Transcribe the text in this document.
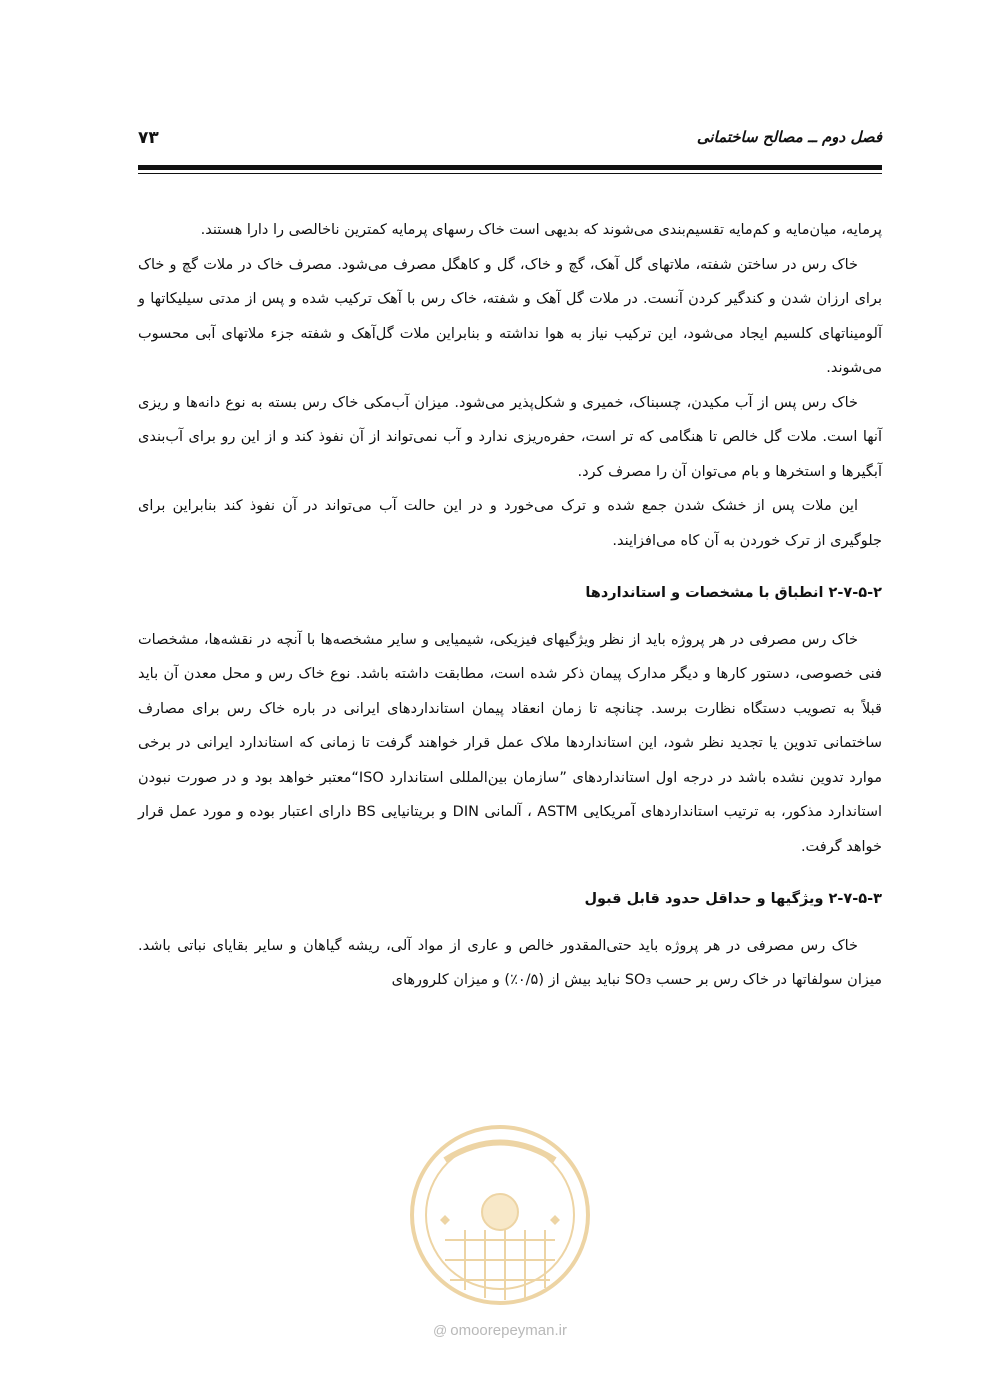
فصل دوم ــ مصالح ساختمانی
۷۳

پرمایه، میان‌مایه و کم‌مایه تقسیم‌بندی می‌شوند که بدیهی است خاک رسهای پرمایه کمترین ناخالصی را دارا هستند.

خاک رس در ساختن شفته، ملاتهای گل آهک، گچ و خاک، گل و کاهگل مصرف می‌شود. مصرف خاک در ملات گچ و خاک برای ارزان شدن و کندگیر کردن آنست. در ملات گل آهک و شفته، خاک رس با آهک ترکیب شده و پس از مدتی سیلیکاتها و آلومیناتهای کلسیم ایجاد می‌شود، این ترکیب نیاز به هوا نداشته و بنابراین ملات گل‌آهک و شفته جزء ملاتهای آبی محسوب می‌شوند.

خاک رس پس از آب مکیدن، چسبناک، خمیری و شکل‌پذیر می‌شود. میزان آب‌مکی خاک رس بسته به نوع دانه‌ها و ریزی آنها است. ملات گل خالص تا هنگامی که تر است، حفره‌ریزی ندارد و آب نمی‌تواند از آن نفوذ کند و از این رو برای آب‌بندی آبگیرها و استخرها و بام می‌توان آن را مصرف کرد.

این ملات پس از خشک شدن جمع شده و ترک می‌خورد و در این حالت آب می‌تواند در آن نفوذ کند بنابراین برای جلوگیری از ترک خوردن به آن کاه می‌افزایند.

۲-۷-۵-۲ انطباق با مشخصات و استانداردها

خاک رس مصرفی در هر پروژه باید از نظر ویژگیهای فیزیکی، شیمیایی و سایر مشخصه‌ها با آنچه در نقشه‌ها، مشخصات فنی خصوصی، دستور کارها و دیگر مدارک پیمان ذکر شده است، مطابقت داشته باشد. نوع خاک رس و محل معدن آن باید قبلاً به تصویب دستگاه نظارت برسد. چنانچه تا زمان انعقاد پیمان استانداردهای ایرانی در باره خاک رس برای مصارف ساختمانی تدوین یا تجدید نظر شود، این استانداردها ملاک عمل قرار خواهند گرفت تا زمانی که استاندارد ایرانی در برخی موارد تدوین نشده باشد در درجه اول استانداردهای ”سازمان بین‌المللی استاندارد ISO“معتبر خواهد بود و در صورت نبودن استاندارد مذکور، به ترتیب استانداردهای آمریکایی ASTM ، آلمانی DIN و بریتانیایی BS دارای اعتبار بوده و مورد عمل قرار خواهد گرفت.

۲-۷-۵-۳ ویژگیها و حداقل حدود قابل قبول

خاک رس مصرفی در هر پروژه باید حتی‌المقدور خالص و عاری از مواد آلی، ریشه گیاهان و سایر بقایای نباتی باشد. میزان سولفاتها در خاک رس بر حسب SO₃ نباید بیش از (۰/۵٪) و میزان کلرورهای

@ omoorepeyman.ir
